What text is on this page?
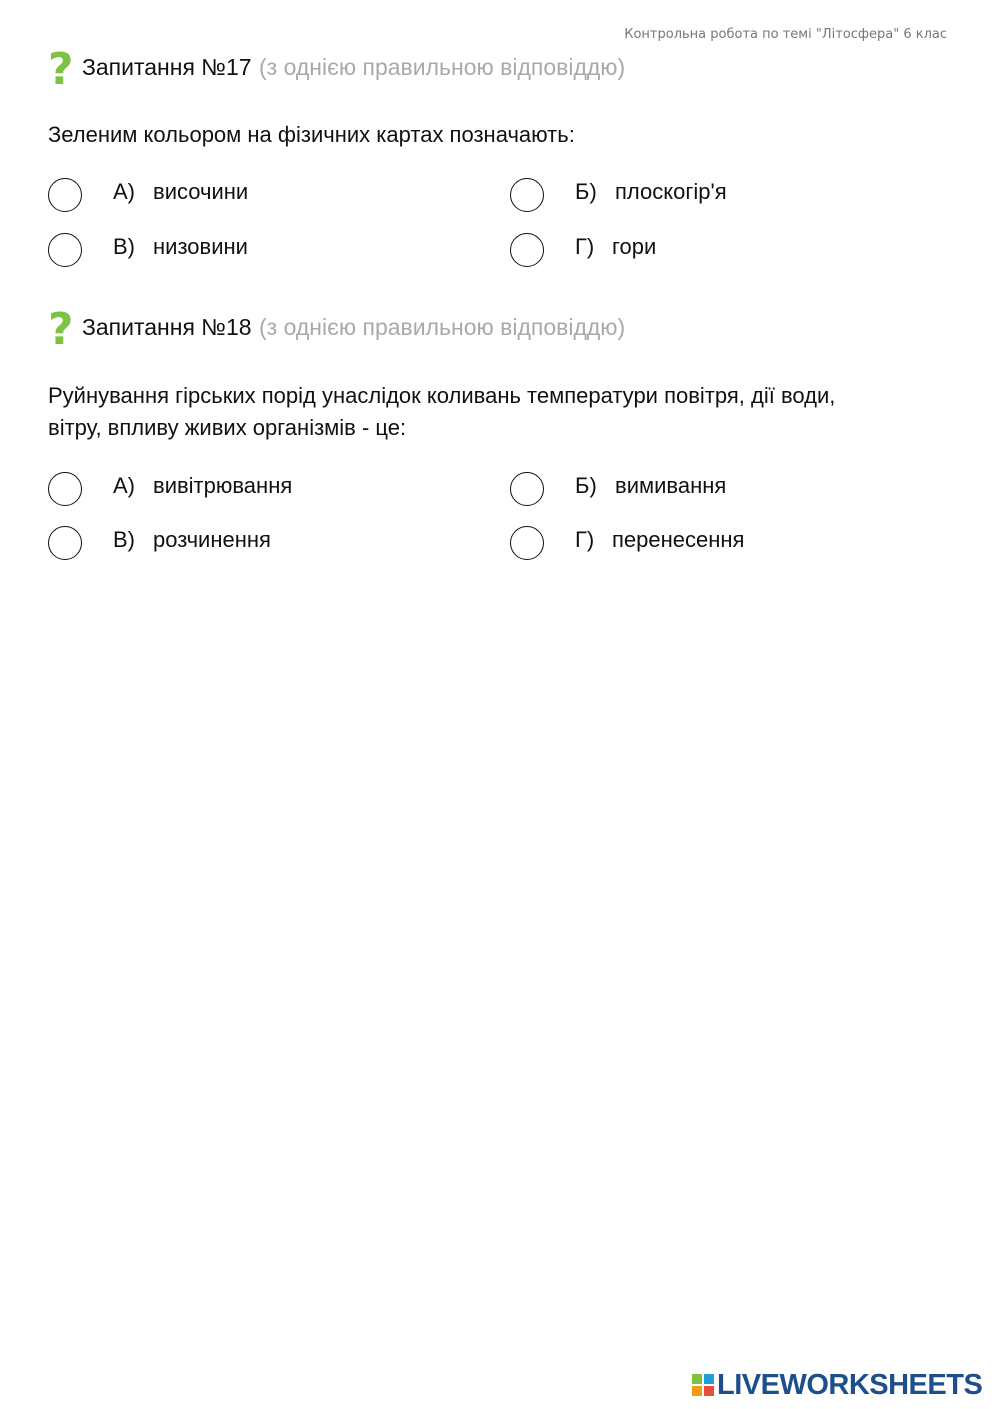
Контрольна робота по темі "Літосфера" 6 клас
? Запитання №17 (з однією правильною відповіддю)
Зеленим кольором на фізичних картах позначають:
А) височини	Б) плоскогір'я
В) низовини	Г) гори
? Запитання №18 (з однією правильною відповіддю)
Руйнування гірських порід унаслідок коливань температури повітря, дії води, вітру, впливу живих організмів - це:
А) вивітрювання	Б) вимивання
В) розчинення	Г) перенесення
LIVEWORKSHEETS
